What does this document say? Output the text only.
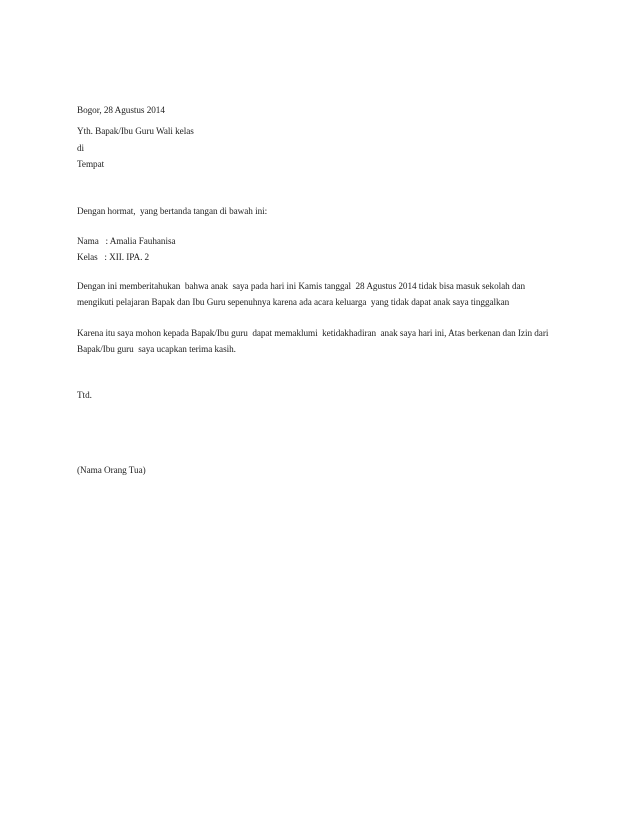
Bogor, 28 Agustus 2014
Yth. Bapak/Ibu Guru Wali kelas
di
Tempat
Dengan hormat,  yang bertanda tangan di bawah ini:
Nama   : Amalia Fauhanisa
Kelas   : XII. IPA. 2
Dengan ini memberitahukan  bahwa anak  saya pada hari ini Kamis tanggal  28 Agustus 2014 tidak bisa masuk sekolah dan
mengikuti pelajaran Bapak dan Ibu Guru sepenuhnya karena ada acara keluarga  yang tidak dapat anak saya tinggalkan
Karena itu saya mohon kepada Bapak/Ibu guru  dapat memaklumi  ketidakhadiran  anak saya hari ini, Atas berkenan dan Izin dari
Bapak/Ibu guru  saya ucapkan terima kasih.
Ttd.
(Nama Orang Tua)
